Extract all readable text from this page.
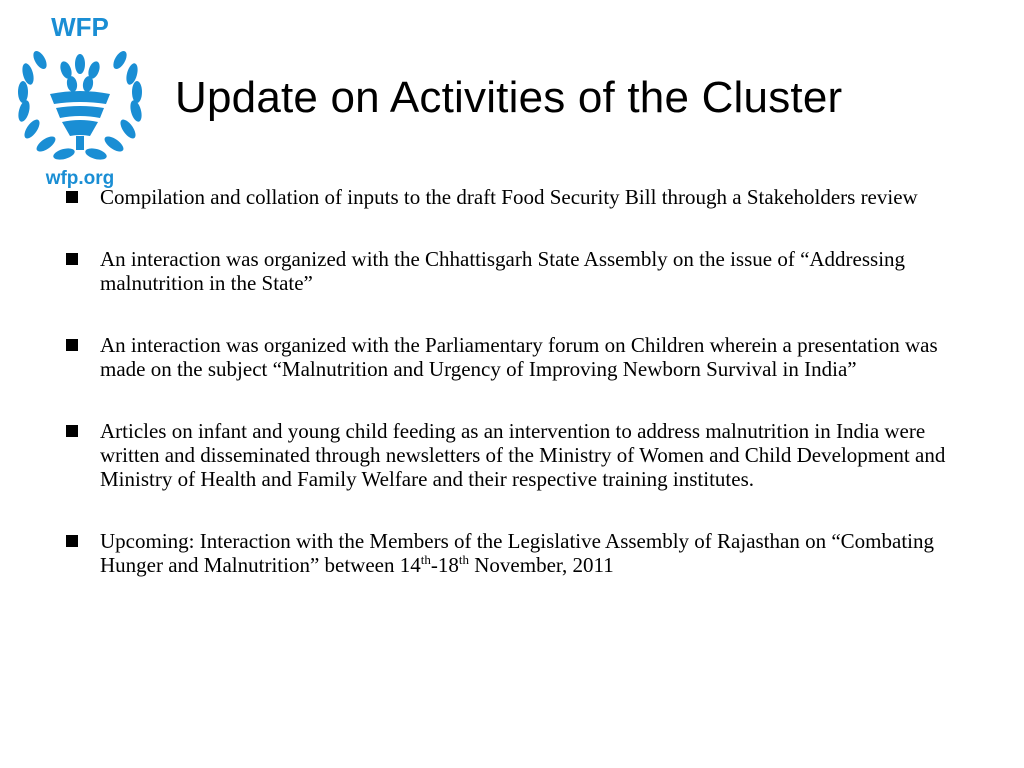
WFP
wfp.org
Update on Activities of the Cluster
Compilation and collation of inputs to the draft Food Security Bill through a Stakeholders review
An interaction was organized with the Chhattisgarh State Assembly on the issue of “Addressing malnutrition in the State”
An interaction was organized with the Parliamentary forum on Children wherein a presentation was made on the subject “Malnutrition and Urgency of Improving Newborn Survival in India”
Articles on infant and young child feeding as an intervention to address malnutrition in India were written and disseminated through newsletters of the Ministry of Women and Child Development and Ministry of Health and Family Welfare and their respective training institutes.
Upcoming: Interaction with the Members of the Legislative Assembly of Rajasthan on “Combating Hunger and Malnutrition” between 14th-18th November, 2011
